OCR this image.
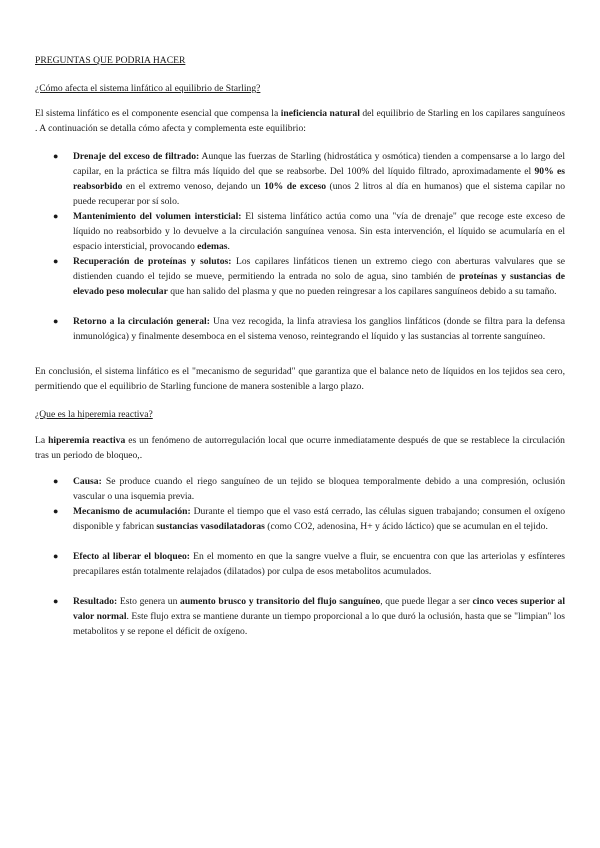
PREGUNTAS QUE PODRIA HACER
¿Cómo afecta el sistema linfático al equilibrio de Starling?

El sistema linfático es el componente esencial que compensa la ineficiencia natural del equilibrio de Starling en los capilares sanguíneos . A continuación se detalla cómo afecta y complementa este equilibrio:

● Drenaje del exceso de filtrado: Aunque las fuerzas de Starling (hidrostática y osmótica) tienden a compensarse a lo largo del capilar, en la práctica se filtra más líquido del que se reabsorbe. Del 100% del líquido filtrado, aproximadamente el 90% es reabsorbido en el extremo venoso, dejando un 10% de exceso (unos 2 litros al día en humanos) que el sistema capilar no puede recuperar por sí solo.
● Mantenimiento del volumen intersticial: El sistema linfático actúa como una "vía de drenaje" que recoge este exceso de líquido no reabsorbido y lo devuelve a la circulación sanguínea venosa. Sin esta intervención, el líquido se acumularía en el espacio intersticial, provocando edemas.
● Recuperación de proteínas y solutos: Los capilares linfáticos tienen un extremo ciego con aberturas valvulares que se distienden cuando el tejido se mueve, permitiendo la entrada no solo de agua, sino también de proteínas y sustancias de elevado peso molecular que han salido del plasma y que no pueden reingresar a los capilares sanguíneos debido a su tamaño.
● Retorno a la circulación general: Una vez recogida, la linfa atraviesa los ganglios linfáticos (donde se filtra para la defensa inmunológica) y finalmente desemboca en el sistema venoso, reintegrando el líquido y las sustancias al torrente sanguíneo.

En conclusión, el sistema linfático es el "mecanismo de seguridad" que garantiza que el balance neto de líquidos en los tejidos sea cero, permitiendo que el equilibrio de Starling funcione de manera sostenible a largo plazo.

¿Que es la hiperemia reactiva?

La hiperemia reactiva es un fenómeno de autorregulación local que ocurre inmediatamente después de que se restablece la circulación tras un periodo de bloqueo,.

● Causa: Se produce cuando el riego sanguíneo de un tejido se bloquea temporalmente debido a una compresión, oclusión vascular o una isquemia previa.
● Mecanismo de acumulación: Durante el tiempo que el vaso está cerrado, las células siguen trabajando; consumen el oxígeno disponible y fabrican sustancias vasodilatadoras (como CO2, adenosina, H+ y ácido láctico) que se acumulan en el tejido.
● Efecto al liberar el bloqueo: En el momento en que la sangre vuelve a fluir, se encuentra con que las arteriolas y esfínteres precapilares están totalmente relajados (dilatados) por culpa de esos metabolitos acumulados.
● Resultado: Esto genera un aumento brusco y transitorio del flujo sanguíneo, que puede llegar a ser cinco veces superior al valor normal. Este flujo extra se mantiene durante un tiempo proporcional a lo que duró la oclusión, hasta que se "limpian" los metabolitos y se repone el déficit de oxígeno.
